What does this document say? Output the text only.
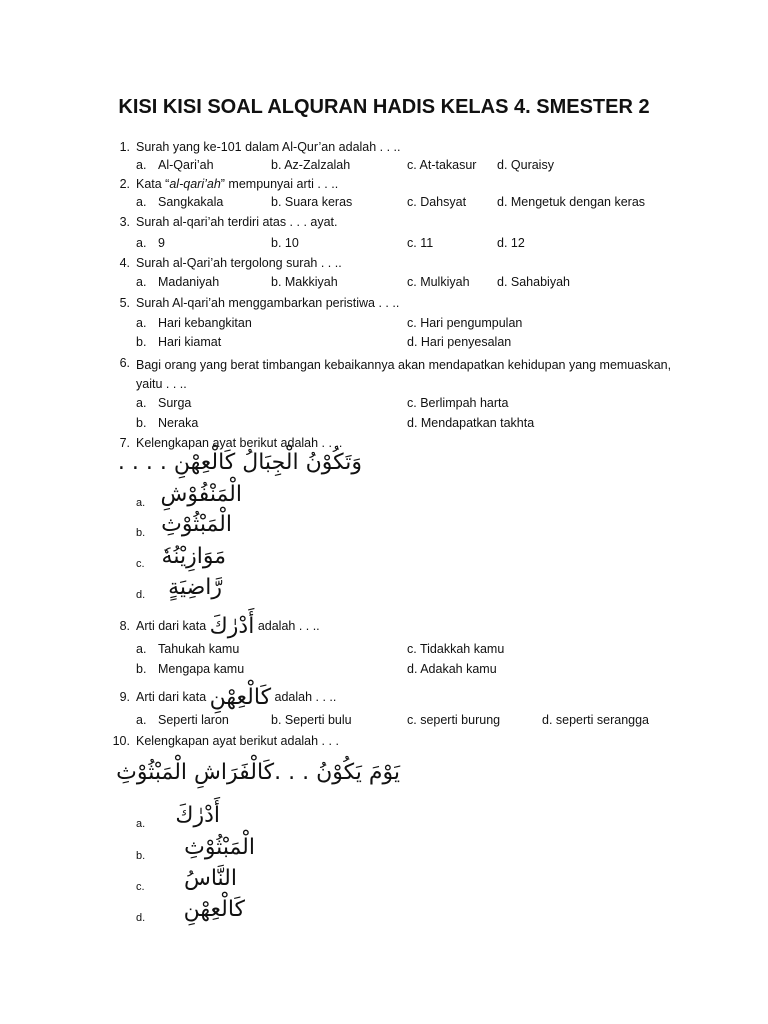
KISI KISI SOAL ALQURAN HADIS KELAS 4. SMESTER 2
1. Surah yang ke-101 dalam Al-Qur’an adalah . . ..
a. Al-Qari’ah	b. Az-Zalzalah	c. At-takasur d. Quraisy
2. Kata “al-qari’ah” mempunyai arti . . ..
a. Sangkakala	b. Suara keras	c. Dahsyat d. Mengetuk dengan keras
3. Surah al-qari’ah terdiri atas . . . ayat.
a. 9	b. 10	c. 11	d. 12
4. Surah al-Qari’ah tergolong surah . . ..
a. Madaniyah	b. Makkiyah	c. Mulkiyah d. Sahabiyah
5. Surah Al-qari’ah menggambarkan peristiwa . . ..
a. Hari kebangkitan	c. Hari pengumpulan
b. Hari kiamat	d. Hari penyesalan
6. Bagi orang yang berat timbangan kebaikannya akan mendapatkan kehidupan yang memuaskan, yaitu . . ..
a. Surga	c. Berlimpah harta
b. Neraka	d. Mendapatkan takhta
7. Kelengkapan ayat berikut adalah . . ..
وَتَكُوْنُ الْجِبَالُ كَالْعِهْنِ . . . .
a. الْمَنْفُوْشِ
b. الْمَبْثُوْثِ
c. مَوَازِيْنُهٗ
d.	رَّاضِيَةٍ
8. Arti dari kata أَدْرٰكَ adalah . . ..
a. Tahukah kamu	c. Tidakkah kamu
b. Mengapa kamu	d. Adakah kamu
9. Arti dari kata كَالْعِهْنِ adalah . . ..
a. Seperti laron	b. Seperti bulu	c. seperti burung	d. seperti serangga
10. Kelengkapan ayat berikut adalah . . .
يَوْمَ يَكُوْنُ . . .كَالْفَرَاشِ الْمَبْثُوْثِ
a. أَدْرٰكَ
b.	الْمَبْثُوْثِ
c.	النَّاسُ
d.	كَالْعِهْنِ
